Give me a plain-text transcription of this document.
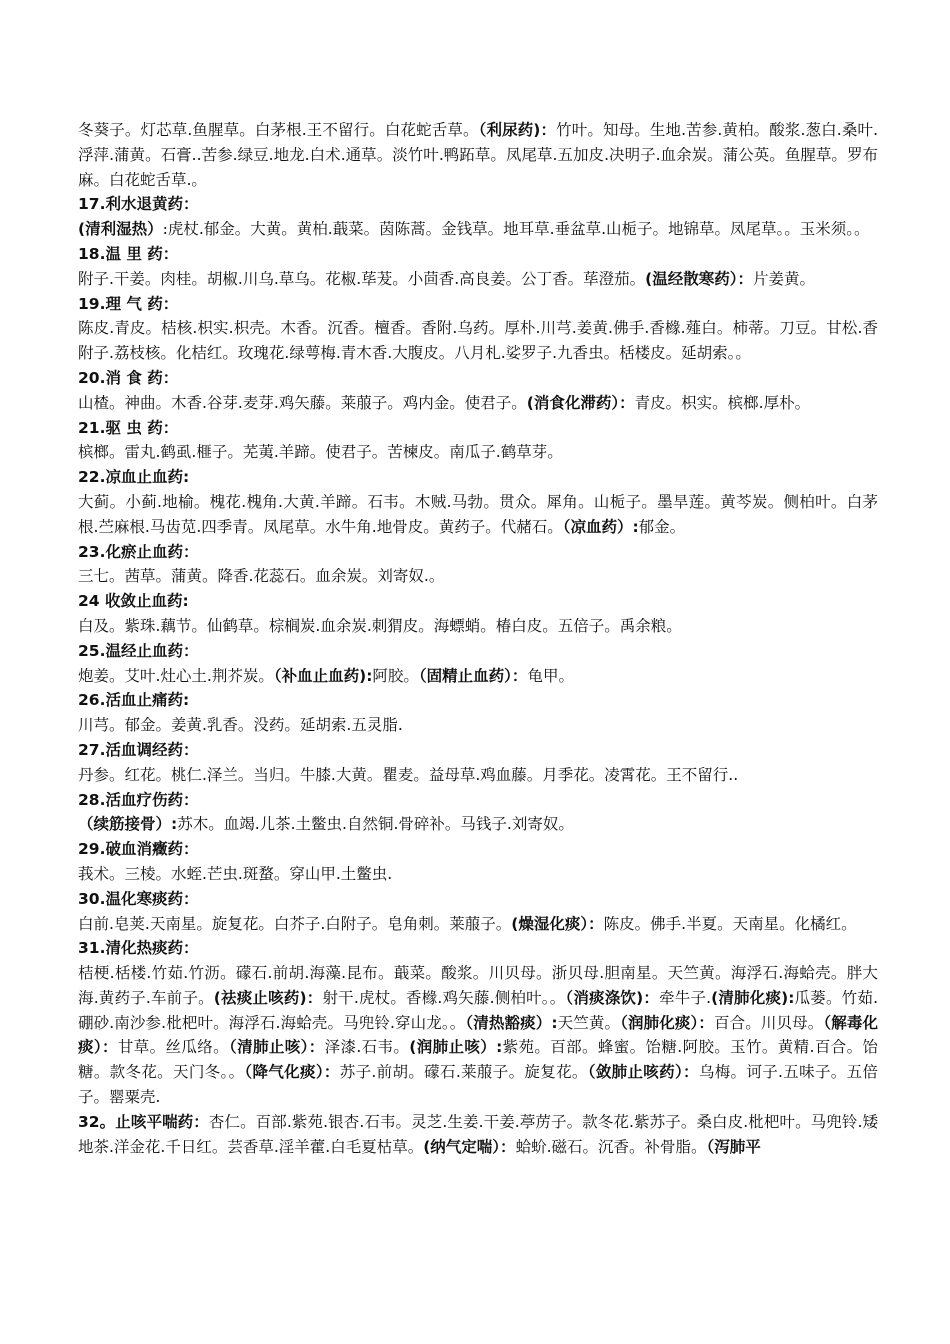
冬葵子。灯芯草.鱼腥草。白茅根.王不留行。白花蛇舌草。（利尿药)：竹叶。知母。生地.苦参.黄柏。酸浆.葱白.桑叶.浮萍.蒲黄。石膏..苦参.绿豆.地龙.白术.通草。淡竹叶.鸭跖草。凤尾草.五加皮.决明子.血余炭。蒲公英。鱼腥草。罗布麻。白花蛇舌草.。

17.利水退黄药：

(清利湿热）:虎杖.郁金。大黄。黄柏.蕺菜。茵陈蒿。金钱草。地耳草.垂盆草.山栀子。地锦草。凤尾草。。玉米须。。

18.温 里 药：

附子.干姜。肉桂。胡椒.川乌.草乌。花椒.荜茇。小茴香.高良姜。公丁香。荜澄茄。(温经散寒药）：片姜黄。

19.理 气 药：

陈皮.青皮。桔核.枳实.枳壳。木香。沉香。檀香。香附.乌药。厚朴.川芎.姜黄.佛手.香橼.薤白。柿蒂。刀豆。甘松.香附子.荔枝核。化桔红。玫瑰花.绿萼梅.青木香.大腹皮。八月札.娑罗子.九香虫。栝楼皮。延胡索。。

20.消 食 药：

山楂。神曲。木香.谷芽.麦芽.鸡矢藤。莱菔子。鸡内金。使君子。(消食化滞药）：青皮。枳实。槟榔.厚朴。

21.驱 虫 药：

槟榔。雷丸.鹤虱.榧子。芜荑.羊蹄。使君子。苦楝皮。南瓜子.鹤草芽。

22.凉血止血药:

大蓟。小蓟.地榆。槐花.槐角.大黄.羊蹄。石韦。木贼.马勃。贯众。犀角。山栀子。墨旱莲。黄芩炭。侧柏叶。白茅根.苎麻根.马齿苋.四季青。凤尾草。水牛角.地骨皮。黄药子。代赭石。（凉血药）:郁金。

23.化瘀止血药：

三七。茜草。蒲黄。降香.花蕊石。血余炭。刘寄奴.。

24 收敛止血药:

白及。紫珠.藕节。仙鹤草。棕榈炭.血余炭.刺猬皮。海螵蛸。椿白皮。五倍子。禹余粮。

25.温经止血药：

炮姜。艾叶.灶心土.荆芥炭。（补血止血药):阿胶。（固精止血药）：龟甲。

26.活血止痛药:

川芎。郁金。姜黄.乳香。没药。延胡索.五灵脂.

27.活血调经药：

丹参。红花。桃仁.泽兰。当归。牛膝.大黄。瞿麦。益母草.鸡血藤。月季花。凌霄花。王不留行..

28.活血疗伤药：

（续筋接骨）:苏木。血竭.儿茶.土鳖虫.自然铜.骨碎补。马钱子.刘寄奴。

29.破血消癥药：

莪术。三棱。水蛭.芒虫.斑蝥。穿山甲.土鳖虫.

30.温化寒痰药：

白前.皂荚.天南星。旋复花。白芥子.白附子。皂角刺。莱菔子。(燥湿化痰）：陈皮。佛手.半夏。天南星。化橘红。

31.清化热痰药：

桔梗.栝楼.竹茹.竹沥。礞石.前胡.海藻.昆布。蕺菜。酸浆。川贝母。浙贝母.胆南星。天竺黄。海浮石.海蛤壳。胖大海.黄药子.车前子。(祛痰止咳药)：射干.虎杖。香橼.鸡矢藤.侧柏叶。。（消痰涤饮)：牵牛子.(清肺化痰):瓜蒌。竹茹.硼砂.南沙参.枇杷叶。海浮石.海蛤壳。马兜铃.穿山龙。。（清热豁痰）:天竺黄。（润肺化痰）：百合。川贝母。（解毒化痰）：甘草。丝瓜络。（清肺止咳）：泽漆.石韦。(润肺止咳）:紫苑。百部。蜂蜜。饴糖.阿胶。玉竹。黄精.百合。饴糖。款冬花。天门冬。。（降气化痰）：苏子.前胡。礞石.莱菔子。旋复花。（敛肺止咳药）：乌梅。诃子.五味子。五倍子。罂粟壳.

32。止咳平喘药：杏仁。百部.紫苑.银杏.石韦。灵芝.生姜.干姜.葶苈子。款冬花.紫苏子。桑白皮.枇杷叶。马兜铃.矮地茶.洋金花.千日红。芸香草.淫羊藿.白毛夏枯草。(纳气定喘）：蛤蚧.磁石。沉香。补骨脂。（泻肺平
